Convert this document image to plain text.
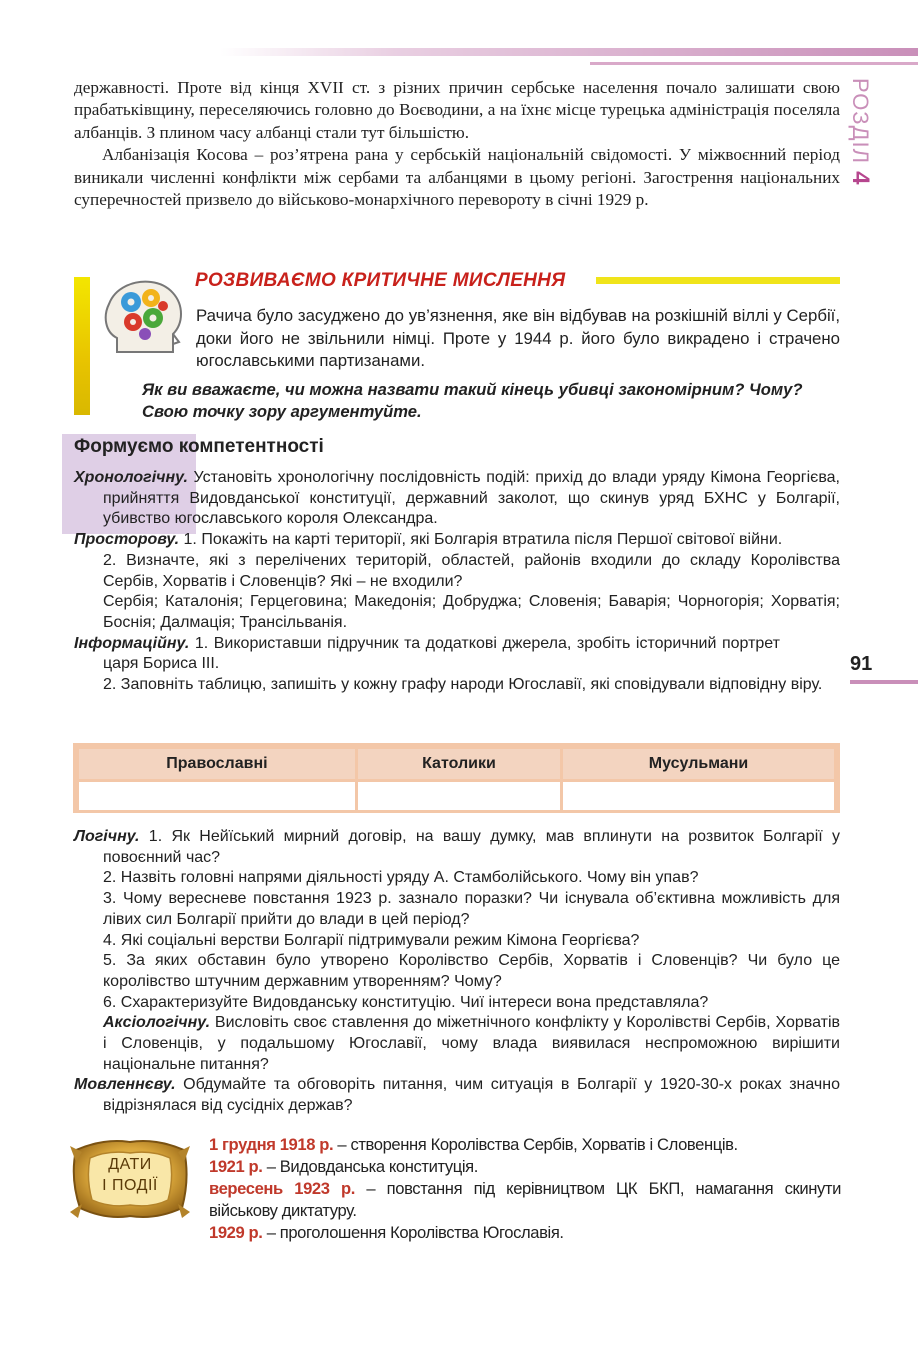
РОЗДІЛ 4

державності. Проте від кінця XVII ст. з різних причин сербське населення почало залишати свою прабатьківщину, переселяючись головно до Воєводини, а на їхнє місце турецька адміністрація поселяла албанців. З плином часу албанці стали тут більшістю.

Албанізація Косова – роз’ятрена рана у сербській національній свідомості. У міжвоєнний період виникали численні конфлікти між сербами та албанцями в цьому регіоні. Загострення національних суперечностей призвело до військово-монархічного перевороту в січні 1929 р.

РОЗВИВАЄМО КРИТИЧНЕ МИСЛЕННЯ
Рачича було засуджено до ув’язнення, яке він відбував на розкішній віллі у Сербії, доки його не звільнили німці. Проте у 1944 р. його було викрадено і страчено югославськими партизанами.
Як ви вважаєте, чи можна назвати такий кінець убивці закономірним? Чому? Свою точку зору аргументуйте.
Формуємо компетентності

Хронологічну. Установіть хронологічну послідовність подій: прихід до влади уряду Кімона Георгієва, прийняття Видовданської конституції, державний заколот, що скинув уряд БХНС у Болгарії, убивство югославського короля Олександра.

Просторову. 1. Покажіть на карті території, які Болгарія втратила після Першої світової війни.

2. Визначте, які з перелічених територій, областей, районів входили до складу Королівства Сербів, Хорватів і Словенців? Які – не входили?

Сербія; Каталонія; Герцеговина; Македонія; Добруджа; Словенія; Баварія; Чорногорія; Хорватія; Боснія; Далмація; Трансільванія.

Інформаційну. 1. Використавши підручник та додаткові джерела, зробіть історичний портрет царя Бориса III.

2. Заповніть таблицю, запишіть у кожну графу народи Югославії, які сповідували відповідну віру.

91
Православні	Католики	Мусульмани

Логічну. 1. Як Нейїський мирний договір, на вашу думку, мав вплинути на розвиток Болгарії у повоєнний час?

2. Назвіть головні напрями діяльності уряду А. Стамболійського. Чому він упав?

3. Чому вересневе повстання 1923 р. зазнало поразки? Чи існувала об’єктивна можливість для лівих сил Болгарії прийти до влади в цей період?

4. Які соціальні верстви Болгарії підтримували режим Кімона Георгієва?

5. За яких обставин було утворено Королівство Сербів, Хорватів і Словенців? Чи було це королівство штучним державним утворенням? Чому?

6. Схарактеризуйте Видовданську конституцію. Чиї інтереси вона представляла?

Аксіологічну. Висловіть своє ставлення до міжетнічного конфлікту у Королівстві Сербів, Хорватів і Словенців, у подальшому Югославії, чому влада виявилася неспроможною вирішити національне питання?

Мовленнєву. Обдумайте та обговоріть питання, чим ситуація в Болгарії у 1920-30-х роках значно відрізнялася від сусідніх держав?

ДАТИ
І ПОДІЇ

1 грудня 1918 р. – створення Королівства Сербів, Хорватів і Словенців.

1921 р. – Видовданська конституція.

вересень 1923 р. – повстання під керівництвом ЦК БКП, намагання скинути військову диктатуру.

1929 р. – проголошення Королівства Югославія.
